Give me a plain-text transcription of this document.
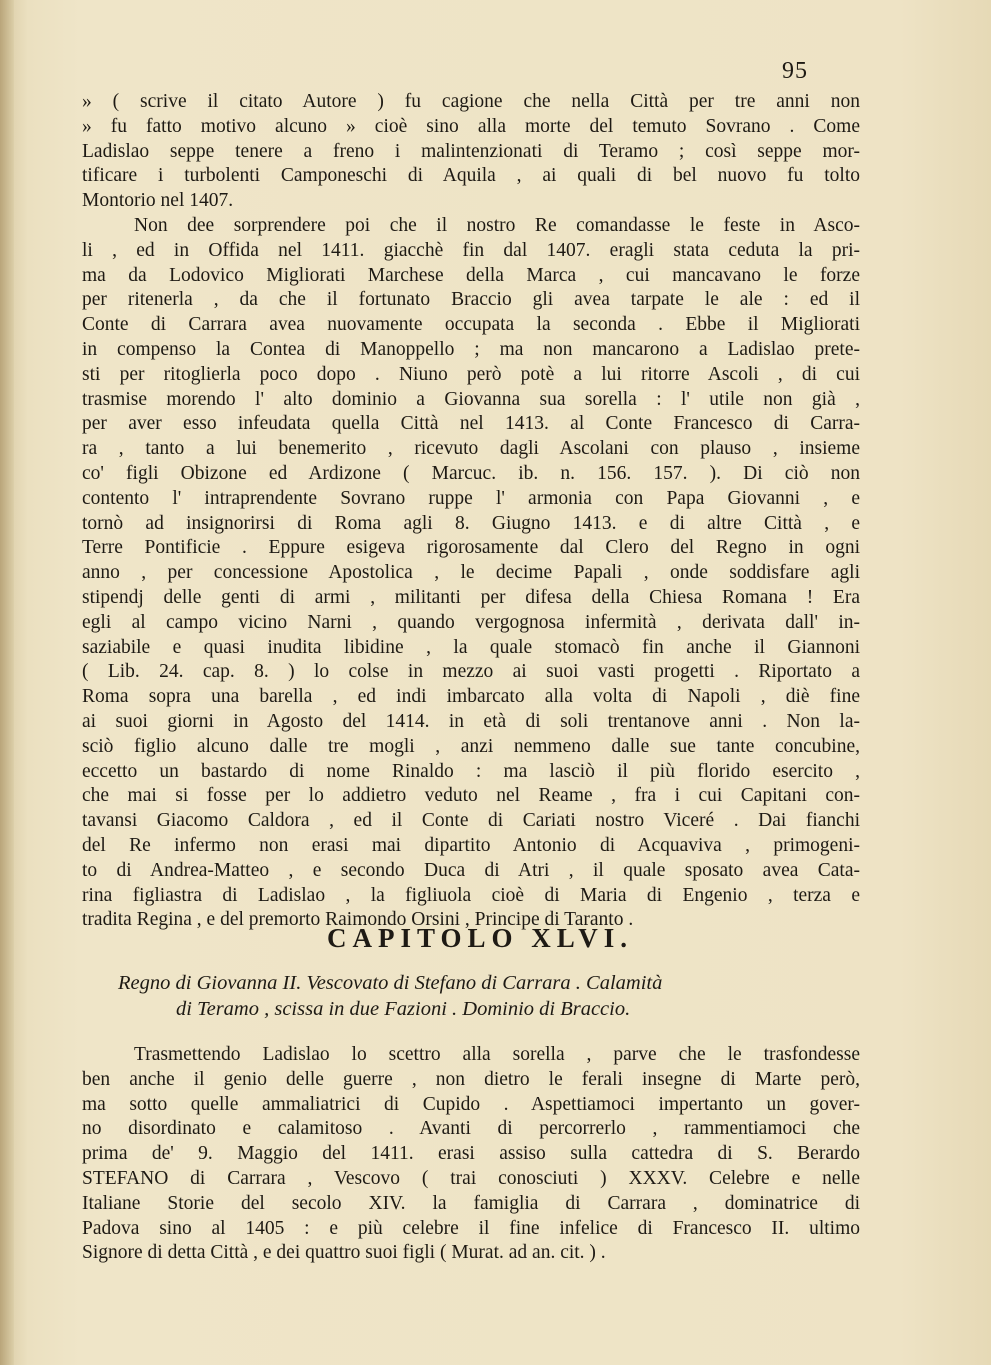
95
» ( scrive il citato Autore ) fu cagione che nella Città per tre anni non
» fu fatto motivo alcuno » cioè sino alla morte del temuto Sovrano . Come
Ladislao seppe tenere a freno i malintenzionati di Teramo ; così seppe mor-
tificare i turbolenti Camponeschi di Aquila , ai quali di bel nuovo fu tolto
Montorio nel 1407.
Non dee sorprendere poi che il nostro Re comandasse le feste in Asco-
li , ed in Offida nel 1411. giacchè fin dal 1407. eragli stata ceduta la pri-
ma da Lodovico Migliorati Marchese della Marca , cui mancavano le forze
per ritenerla , da che il fortunato Braccio gli avea tarpate le ale : ed il
Conte di Carrara avea nuovamente occupata la seconda . Ebbe il Migliorati
in compenso la Contea di Manoppello ; ma non mancarono a Ladislao prete-
sti per ritoglierla poco dopo . Niuno però potè a lui ritorre Ascoli , di cui
trasmise morendo l' alto dominio a Giovanna sua sorella : l' utile non già ,
per aver esso infeudata quella Città nel 1413. al Conte Francesco di Carra-
ra , tanto a lui benemerito , ricevuto dagli Ascolani con plauso , insieme
co' figli Obizone ed Ardizone ( Marcuc. ib. n. 156. 157. ). Di ciò non
contento l' intraprendente Sovrano ruppe l' armonia con Papa Giovanni , e
tornò ad insignorirsi di Roma agli 8. Giugno 1413. e di altre Città , e
Terre Pontificie . Eppure esigeva rigorosamente dal Clero del Regno in ogni
anno , per concessione Apostolica , le decime Papali , onde soddisfare agli
stipendj delle genti di armi , militanti per difesa della Chiesa Romana ! Era
egli al campo vicino Narni , quando vergognosa infermità , derivata dall' in-
saziabile e quasi inudita libidine , la quale stomacò fin anche il Giannoni
( Lib. 24. cap. 8. ) lo colse in mezzo ai suoi vasti progetti . Riportato a
Roma sopra una barella , ed indi imbarcato alla volta di Napoli , diè fine
ai suoi giorni in Agosto del 1414. in età di soli trentanove anni . Non la-
sciò figlio alcuno dalle tre mogli , anzi nemmeno dalle sue tante concubine,
eccetto un bastardo di nome Rinaldo : ma lasciò il più florido esercito ,
che mai si fosse per lo addietro veduto nel Reame , fra i cui Capitani con-
tavansi Giacomo Caldora , ed il Conte di Cariati nostro Viceré . Dai fianchi
del Re infermo non erasi mai dipartito Antonio di Acquaviva , primogeni-
to di Andrea-Matteo , e secondo Duca di Atri , il quale sposato avea Cata-
rina figliastra di Ladislao , la figliuola cioè di Maria di Engenio , terza e
tradita Regina , e del premorto Raimondo Orsini , Principe di Taranto .
CAPITOLO XLVI.
Regno di Giovanna II. Vescovato di Stefano di Carrara . Calamità
di Teramo , scissa in due Fazioni . Dominio di Braccio.
Trasmettendo Ladislao lo scettro alla sorella , parve che le trasfondesse
ben anche il genio delle guerre , non dietro le ferali insegne di Marte però,
ma sotto quelle ammaliatrici di Cupido . Aspettiamoci impertanto un gover-
no disordinato e calamitoso . Avanti di percorrerlo , rammentiamoci che
prima de' 9. Maggio del 1411. erasi assiso sulla cattedra di S. Berardo
STEFANO di Carrara , Vescovo ( trai conosciuti ) XXXV. Celebre e nelle
Italiane Storie del secolo XIV. la famiglia di Carrara , dominatrice di
Padova sino al 1405 : e più celebre il fine infelice di Francesco II. ultimo
Signore di detta Città , e dei quattro suoi figli ( Murat. ad an. cit. ) .
